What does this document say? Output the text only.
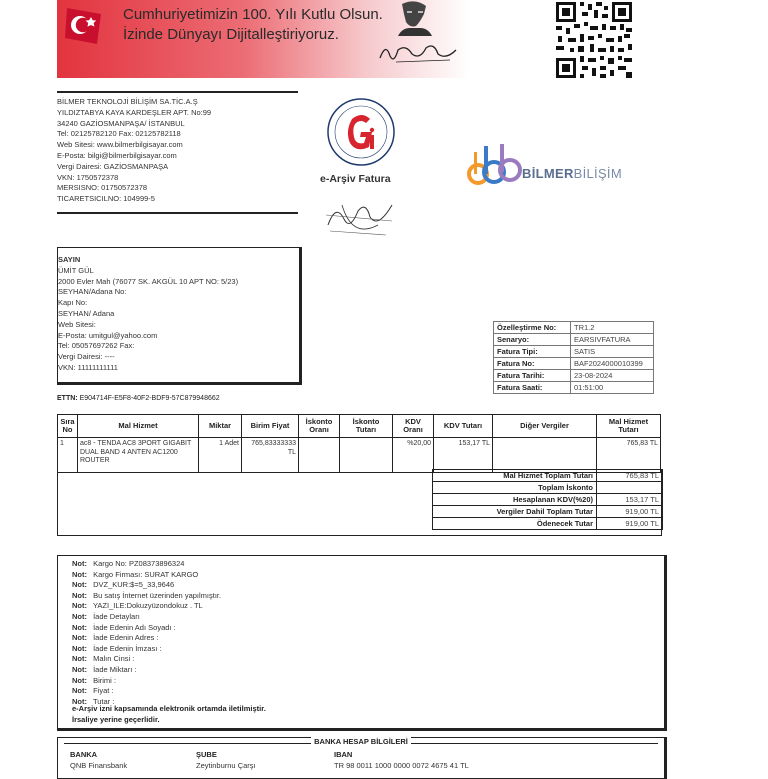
Cumhuriyetimizin 100. Yılı Kutlu Olsun.
İzinde Dünyayı Dijitalleştiriyoruz.
BİLMER TEKNOLOJİ BİLİŞİM SA.TİC.A.Ş
YILDIZTABYA KAYA KARDEŞLER APT. No:99
34240 GAZİOSMANPAŞA/ İSTANBUL
Tel: 02125782120 Fax: 02125782118
Web Sitesi: www.bilmerbilgisayar.com
E-Posta: bilgi@bilmerbilgisayar.com
Vergi Dairesi: GAZİOSMANPAŞA
VKN: 1750572378
MERSISNO: 01750572378
TICARETSICILNO: 104999-5
e-Arşiv Fatura	BİLMERBİLİŞİM
SAYIN
ÜMİT GÜL
2000 Evler Mah (76077 SK. AKGÜL 10 APT NO: 5/23)
SEYHAN/Adana No:
Kapı No:
SEYHAN/ Adana
Web Sitesi:
E-Posta: umitgul@yahoo.com
Tel: 05057697262 Fax:
Vergi Dairesi: ----
VKN: 11111111111
Özelleştirme No:	TR1.2
Senaryo:	EARSIVFATURA
Fatura Tipi:	SATIS
Fatura No:	BAF2024000010399
Fatura Tarihi:	23-08-2024
Fatura Saati:	01:51:00
ETTN: E904714F-E5F8-40F2-BDF9-57C879948662
Sıra No	Mal Hizmet	Miktar	Birim Fiyat	İskonto Oranı	İskonto Tutarı	KDV Oranı	KDV Tutarı	Diğer Vergiler	Mal Hizmet Tutarı
1	ac8 - TENDA AC8 3PORT GIGABIT DUAL BAND 4 ANTEN AC1200 ROUTER	1 Adet	765,83333333 TL			%20,00	153,17 TL		765,83 TL
Mal Hizmet Toplam Tutarı	765,83 TL
Toplam İskonto	
Hesaplanan KDV(%20)	153,17 TL
Vergiler Dahil Toplam Tutar	919,00 TL
Ödenecek Tutar	919,00 TL
Not: Kargo No: PZ08373896324
Not: Kargo Firması: SURAT KARGO
Not: DVZ_KUR:$=5_33,9646
Not: Bu satış İnternet üzerinden yapılmıştır.
Not: YAZI_ILE:Dokuzyüzondokuz . TL
Not: İade Detayları
Not: İade Edenin Adı Soyadı :
Not: İade Edenin Adres :
Not: İade Edenin İmzası :
Not: Malın Cinsi :
Not: İade Miktarı :
Not: Birimi :
Not: Fiyat :
Not: Tutar :
e-Arşiv izni kapsamında elektronik ortamda iletilmiştir.
İrsaliye yerine geçerlidir.
BANKA HESAP BİLGİLERİ
BANKA	ŞUBE	IBAN
QNB Finansbank	Zeytinburnu Çarşı	TR 98 0011 1000 0000 0072 4675 41 TL
